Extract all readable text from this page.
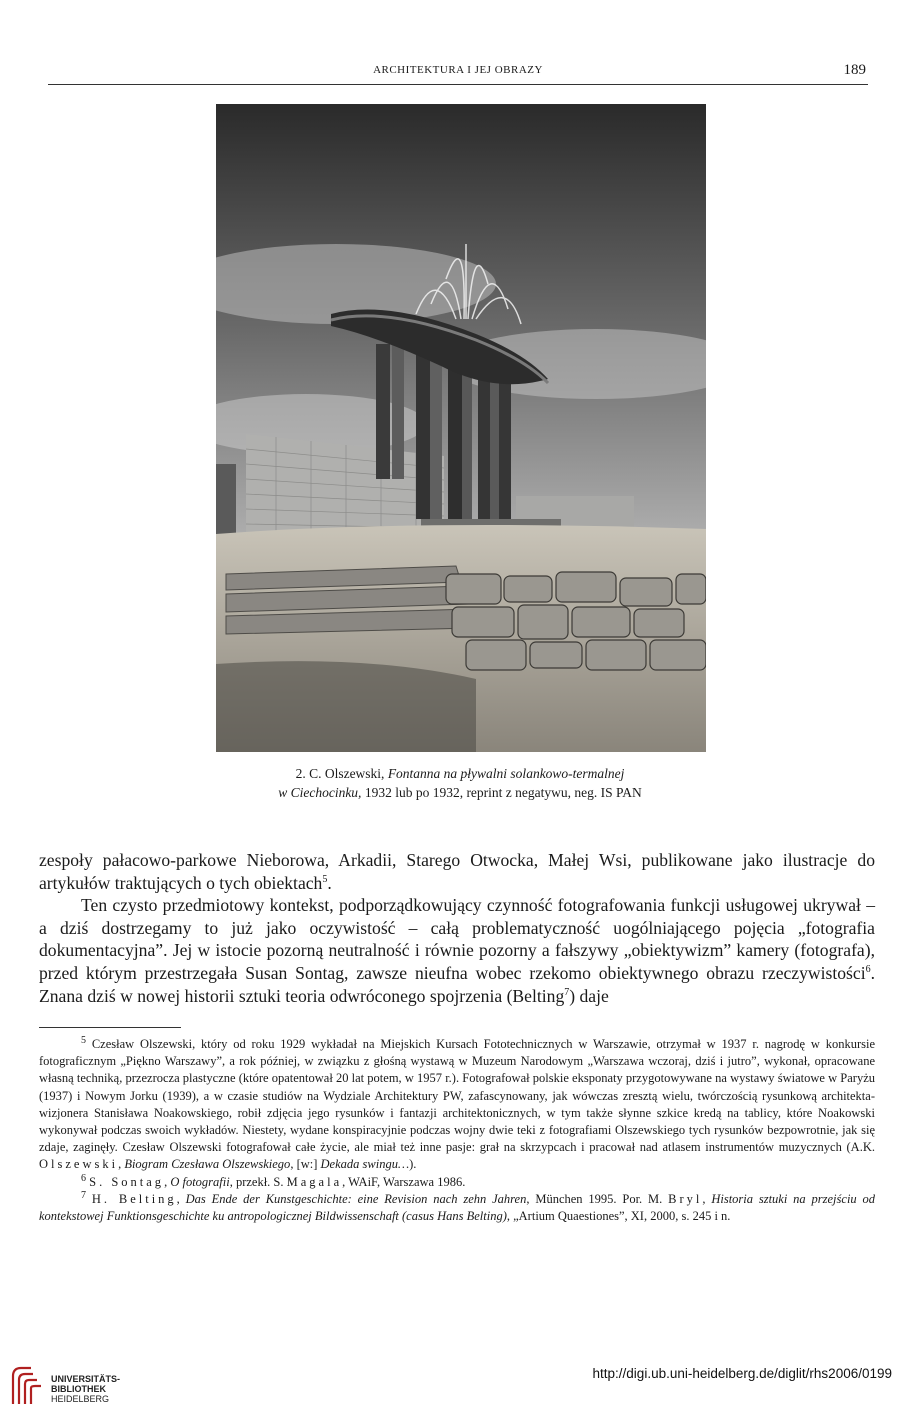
ARCHITEKTURA I JEJ OBRAZY	189
2. C. Olszewski, Fontanna na pływalni solankowo-termalnej
w Ciechocinku, 1932 lub po 1932, reprint z negatywu, neg. IS PAN

zespoły pałacowo-parkowe Nieborowa, Arkadii, Starego Otwocka, Małej Wsi, publikowane jako ilustracje do artykułów traktujących o tych obiektach$^5$.

Ten czysto przedmiotowy kontekst, podporządkowujący czynność fotografowania funkcji usługowej ukrywał – a dziś dostrzegamy to już jako oczywistość – całą problematyczność uogólniającego pojęcia „fotografia dokumentacyjna”. Jej w istocie pozorną neutralność i równie pozorny a fałszywy „obiektywizm” kamery (fotografa), przed którym przestrzegała Susan Sontag, zawsze nieufna wobec rzekomo obiektywnego obrazu rzeczywistości$^6$. Znana dziś w nowej historii sztuki teoria odwróconego spojrzenia (Belting$^7$) daje

$^5$ Czesław Olszewski, który od roku 1929 wykładał na Miejskich Kursach Fototechnicznych w Warszawie, otrzymał w 1937 r. nagrodę w konkursie fotograficznym „Piękno Warszawy”, a rok później, w związku z głośną wystawą w Muzeum Narodowym „Warszawa wczoraj, dziś i jutro”, wykonał, opracowane własną techniką, przezrocza plastyczne (które opatentował 20 lat potem, w 1957 r.). Fotografował polskie eksponaty przygotowywane na wystawy światowe w Paryżu (1937) i Nowym Jorku (1939), a w czasie studiów na Wydziale Architektury PW, zafascynowany, jak wówczas zresztą wielu, twórczością rysunkową architekta-wizjonera Stanisława Noakowskiego, robił zdjęcia jego rysunków i fantazji architektonicznych, w tym także słynne szkice kredą na tablicy, które Noakowski wykonywał podczas swoich wykładów. Niestety, wydane konspiracyjnie podczas wojny dwie teki z fotografiami Olszewskiego tych rysunków bezpowrotnie, jak się zdaje, zaginęły. Czesław Olszewski fotografował całe życie, ale miał też inne pasje: grał na skrzypcach i pracował nad atlasem instrumentów muzycznych (A.K. Olszewski, Biogram Czesława Olszewskiego, [w:] Dekada swingu…).

$^6$ S. Sontag, O fotografii, przekł. S. Magala, WAiF, Warszawa 1986.

$^7$ H. Belting, Das Ende der Kunstgeschichte: eine Revision nach zehn Jahren, München 1995. Por. M. Bryl, Historia sztuki na przejściu od kontekstowej Funktionsgeschichte ku antropologicznej Bildwissenschaft (casus Hans Belting), „Artium Quaestiones”, XI, 2000, s. 245 i n.

UNIVERSITÄTS-
BIBLIOTHEK
HEIDELBERG
http://digi.ub.uni-heidelberg.de/diglit/rhs2006/0199
